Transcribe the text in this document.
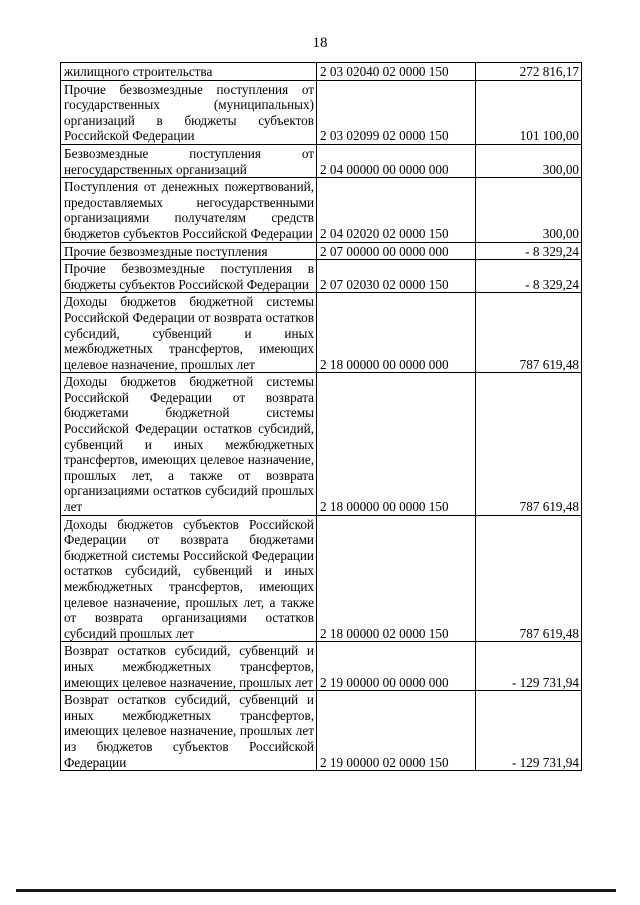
18
жилищного строительства	2 03 02040 02 0000 150	272 816,17
Прочие безвозмездные поступления от государственных (муниципальных) организаций в бюджеты субъектов Российской Федерации	2 03 02099 02 0000 150	101 100,00
Безвозмездные поступления от негосударственных организаций	2 04 00000 00 0000 000	300,00
Поступления от денежных пожертвований, предоставляемых негосударственными организациями получателям средств бюджетов субъектов Российской Федерации	2 04 02020 02 0000 150	300,00
Прочие безвозмездные поступления	2 07 00000 00 0000 000	- 8 329,24
Прочие безвозмездные поступления в бюджеты субъектов Российской Федерации	2 07 02030 02 0000 150	- 8 329,24
Доходы бюджетов бюджетной системы Российской Федерации от возврата остатков субсидий, субвенций и иных межбюджетных трансфертов, имеющих целевое назначение, прошлых лет	2 18 00000 00 0000 000	787 619,48
Доходы бюджетов бюджетной системы Российской Федерации от возврата бюджетами бюджетной системы Российской Федерации остатков субсидий, субвенций и иных межбюджетных трансфертов, имеющих целевое назначение, прошлых лет, а также от возврата организациями остатков субсидий прошлых лет	2 18 00000 00 0000 150	787 619,48
Доходы бюджетов субъектов Российской Федерации от возврата бюджетами бюджетной системы Российской Федерации остатков субсидий, субвенций и иных межбюджетных трансфертов, имеющих целевое назначение, прошлых лет, а также от возврата организациями остатков субсидий прошлых лет	2 18 00000 02 0000 150	787 619,48
Возврат остатков субсидий, субвенций и иных межбюджетных трансфертов, имеющих целевое назначение, прошлых лет	2 19 00000 00 0000 000	- 129 731,94
Возврат остатков субсидий, субвенций и иных межбюджетных трансфертов, имеющих целевое назначение, прошлых лет из бюджетов субъектов Российской Федерации	2 19 00000 02 0000 150	- 129 731,94
